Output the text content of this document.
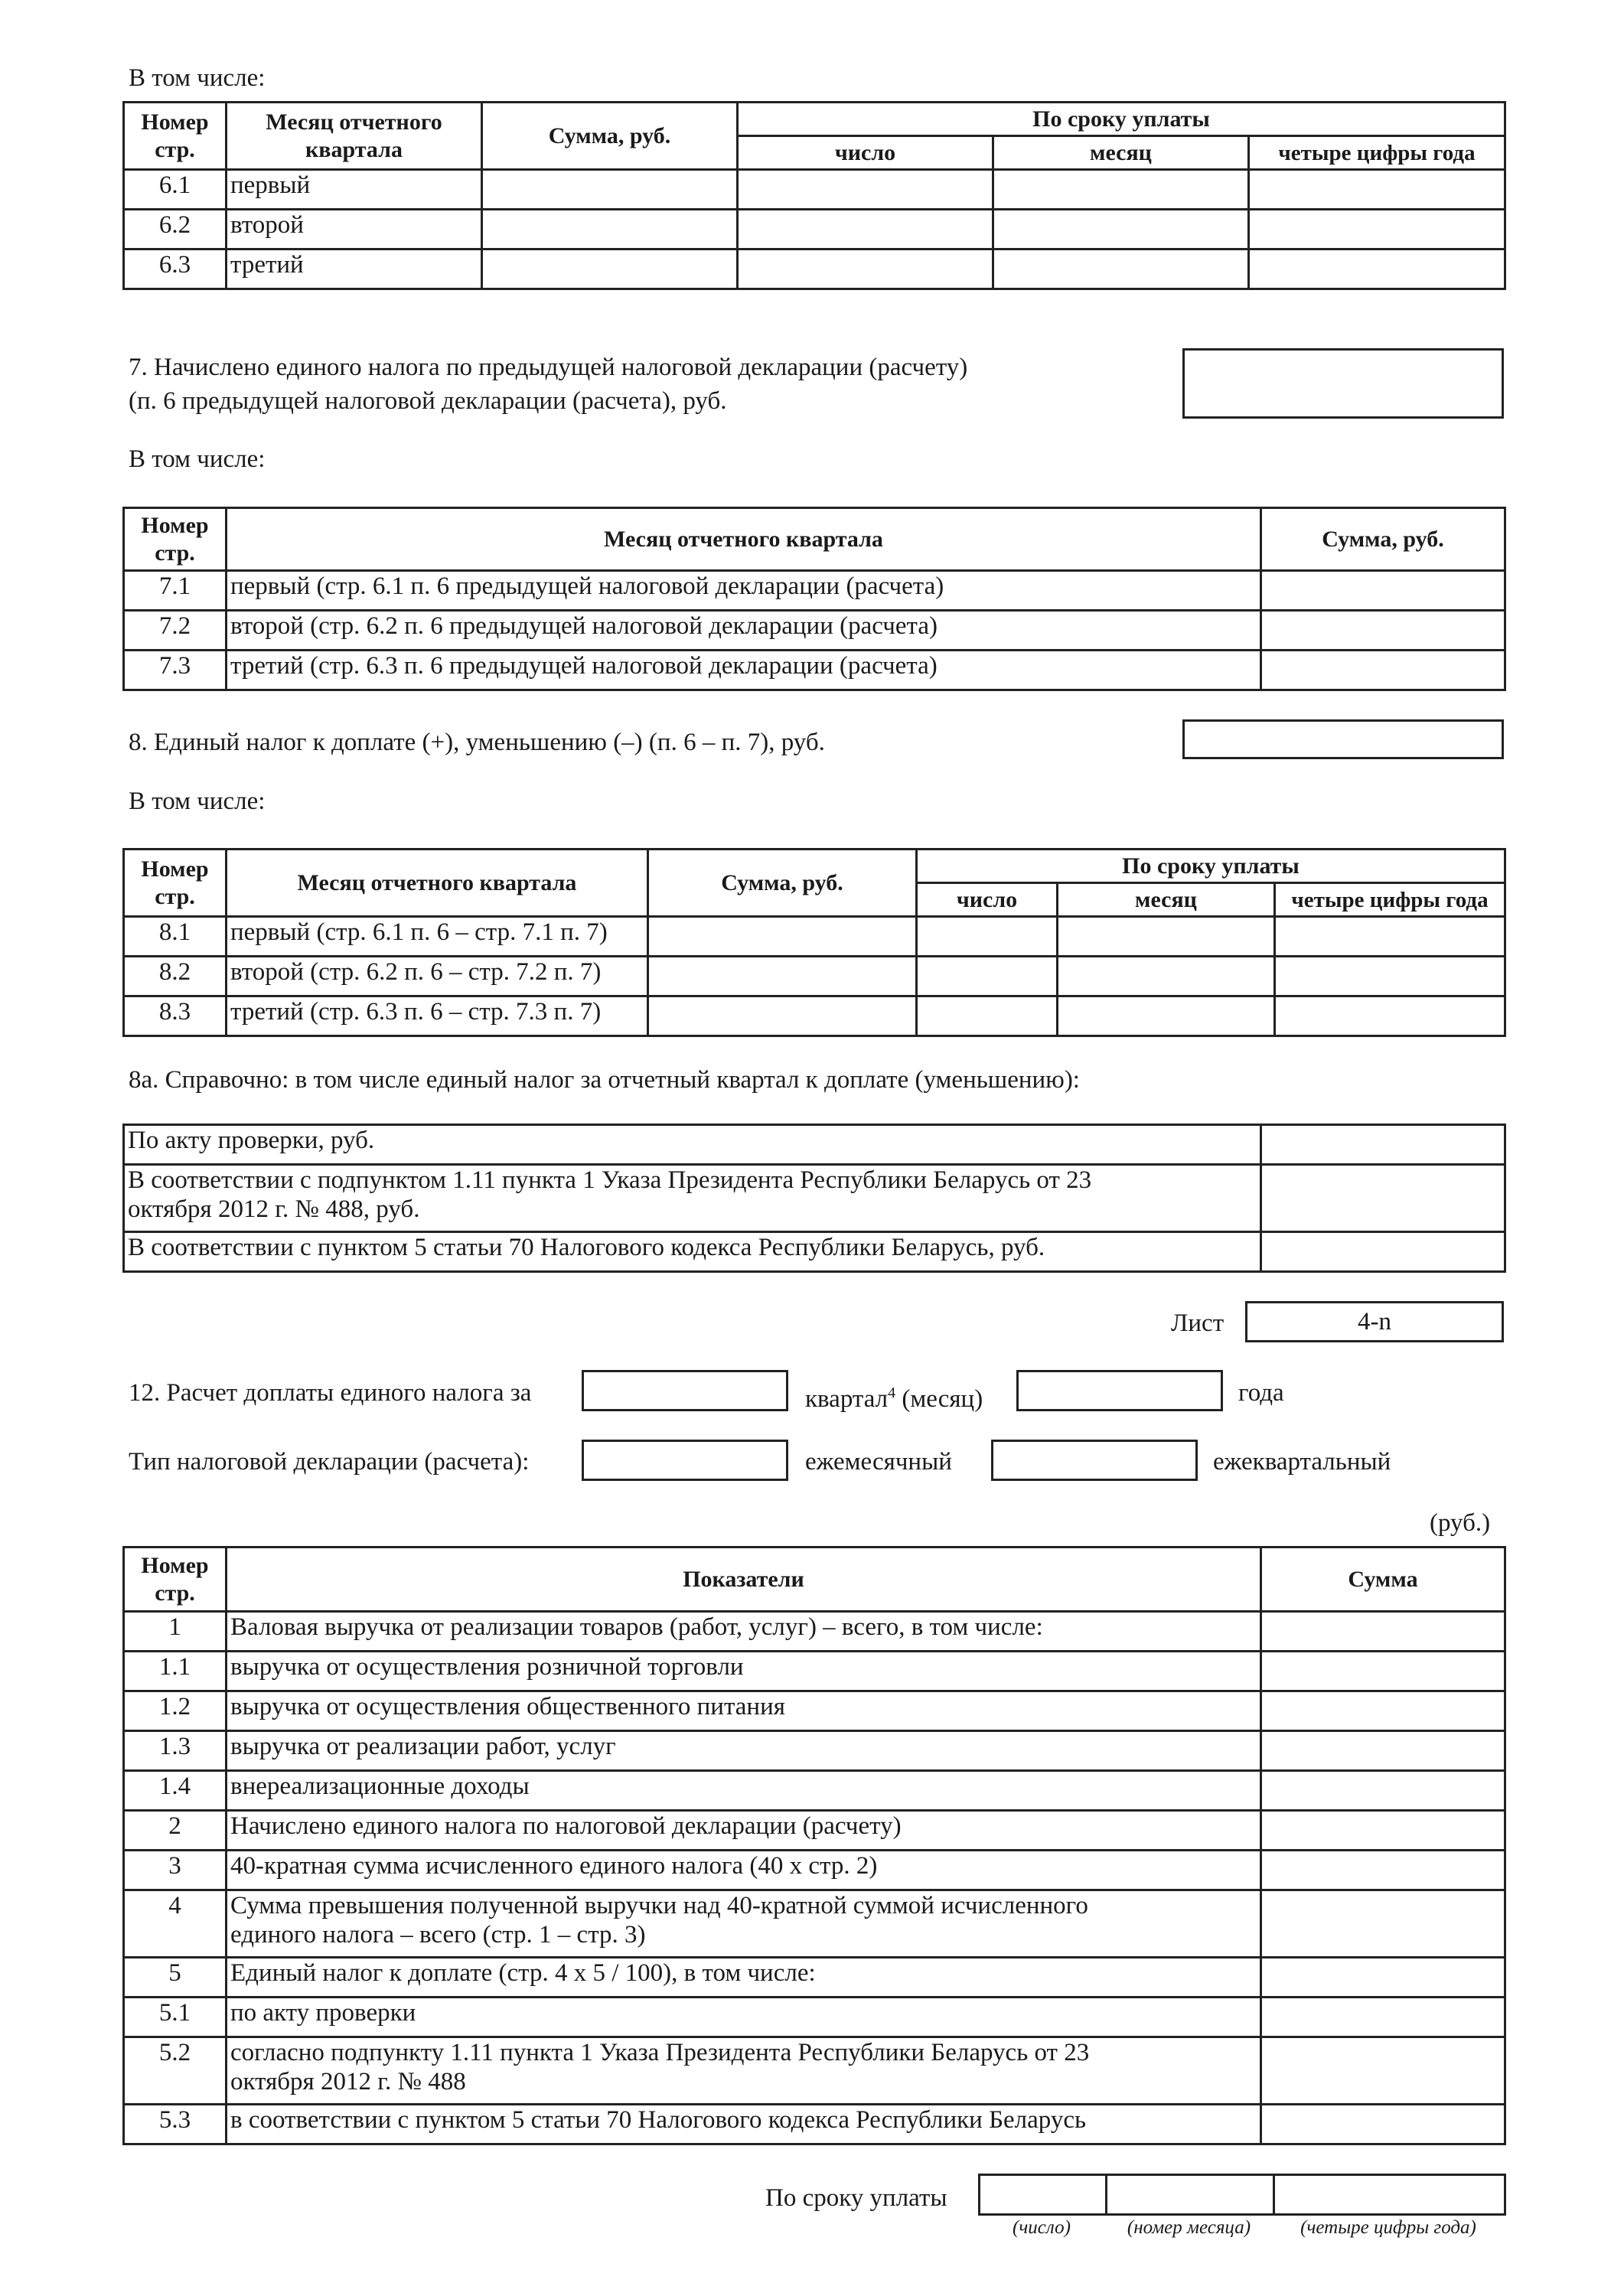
В том числе:
Номер стр.	Месяц отчетного квартала	Сумма, руб.	По сроку уплаты		
			число	месяц	четыре цифры года
6.1	первый				
6.2	второй				
6.3	третий				
7. Начислено единого налога по предыдущей налоговой декларации (расчету)
(п. 6 предыдущей налоговой декларации (расчета), руб.
В том числе:
Номер стр.	Месяц отчетного квартала	Сумма, руб.
7.1	первый (стр. 6.1 п. 6 предыдущей налоговой декларации (расчета)	
7.2	второй (стр. 6.2 п. 6 предыдущей налоговой декларации (расчета)	
7.3	третий (стр. 6.3 п. 6 предыдущей налоговой декларации (расчета)	
8. Единый налог к доплате (+), уменьшению (–) (п. 6 – п. 7), руб.
В том числе:
Номер стр.	Месяц отчетного квартала	Сумма, руб.	По сроку уплаты		
			число	месяц	четыре цифры года
8.1	первый (стр. 6.1 п. 6 – стр. 7.1 п. 7)				
8.2	второй (стр. 6.2 п. 6 – стр. 7.2 п. 7)				
8.3	третий (стр. 6.3 п. 6 – стр. 7.3 п. 7)				
8а. Справочно: в том числе единый налог за отчетный квартал к доплате (уменьшению):
По акту проверки, руб.	

В соответствии с подпунктом 1.11 пункта 1 Указа Президента Республики Беларусь от 23
октября 2012 г. № 488, руб.	

В соответствии с пунктом 5 статьи 70 Налогового кодекса Республики Беларусь, руб.	

Лист	4-n
12. Расчет доплаты единого налога за	квартал$^4$ (месяц)	года
Тип налоговой декларации (расчета):	ежемесячный	ежеквартальный
(руб.)
Номер стр.	Показатели	Сумма
1	Валовая выручка от реализации товаров (работ, услуг) – всего, в том числе:	
1.1	выручка от осуществления розничной торговли	
1.2	выручка от осуществления общественного питания	
1.3	выручка от реализации работ, услуг	
1.4	внереализационные доходы	
2	Начислено единого налога по налоговой декларации (расчету)	
3	40-кратная сумма исчисленного единого налога (40 х стр. 2)	
4	Сумма превышения полученной выручки над 40-кратной суммой исчисленного
единого налога – всего (стр. 1 – стр. 3)	

5	Единый налог к доплате (стр. 4 х 5 / 100), в том числе:	
5.1	по акту проверки	
5.2	согласно подпункту 1.11 пункта 1 Указа Президента Республики Беларусь от 23
октября 2012 г. № 488	

5.3	в соответствии с пунктом 5 статьи 70 Налогового кодекса Республики Беларусь	
По сроку уплаты

(число)	(номер месяца)	(четыре цифры года)
